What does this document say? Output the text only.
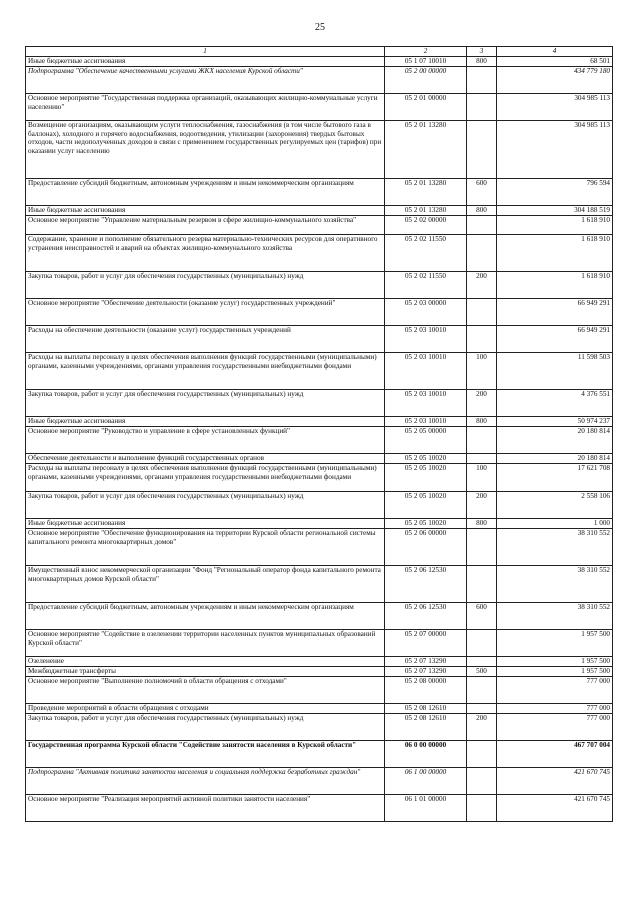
25
1	2	3	4
Иные бюджетные ассигнования	05 1 07 10010	800	68 501
Подпрограмма "Обеспечение качественными услугами ЖКХ населения Курской области"	05 2 00 00000		434 779 180
Основное мероприятие "Государственная поддержка организаций, оказывающих жилищно-коммунальные услуги населению"	05 2 01 00000		304 985 113
Возмещение организациям, оказывающим услуги теплоснабжения, газоснабжения (в том числе бытового газа в баллонах), холодного и горячего водоснабжения, водоотведения, утилизации (захоронения) твердых бытовых отходов, части недополученных доходов в связи с применением государственных регулируемых цен (тарифов) при оказании услуг населению	05 2 01 13280		304 985 113
Предоставление субсидий бюджетным, автономным учреждениям и иным некоммерческим организациям	05 2 01 13280	600	796 594
Иные бюджетные ассигнования	05 2 01 13280	800	304 188 519
Основное мероприятие "Управление материальным резервом в сфере жилищно-коммунального хозяйства"	05 2 02 00000		1 618 910
Содержание, хранение и пополнение обязательного резерва материально-технических ресурсов для оперативного устранения неисправностей и аварий на объектах жилищно-коммунального хозяйства	05 2 02 11550		1 618 910
Закупка товаров, работ и услуг для обеспечения государственных (муниципальных) нужд	05 2 02 11550	200	1 618 910
Основное мероприятие "Обеспечение деятельности (оказание услуг) государственных учреждений"	05 2 03 00000		66 949 291
Расходы на обеспечение деятельности (оказание услуг) государственных учреждений	05 2 03 10010		66 949 291
Расходы на выплаты персоналу в целях обеспечения выполнения функций государственными (муниципальными) органами, казенными учреждениями, органами управления государственными внебюджетными фондами	05 2 03 10010	100	11 598 503
Закупка товаров, работ и услуг для обеспечения государственных (муниципальных) нужд	05 2 03 10010	200	4 376 551
Иные бюджетные ассигнования	05 2 03 10010	800	50 974 237
Основное мероприятие "Руководство и управление в сфере установленных функций"	05 2 05 00000		20 180 814
Обеспечение деятельности и выполнение функций государственных органов	05 2 05 10020		20 180 814
Расходы на выплаты персоналу в целях обеспечения выполнения функций государственными (муниципальными) органами, казенными учреждениями, органами управления государственными внебюджетными фондами	05 2 05 10020	100	17 621 708
Закупка товаров, работ и услуг для обеспечения государственных (муниципальных) нужд	05 2 05 10020	200	2 558 106
Иные бюджетные ассигнования	05 2 05 10020	800	1 000
Основное мероприятие "Обеспечение функционирования на территории Курской области региональной системы капитального ремонта многоквартирных домов"	05 2 06 00000		38 310 552
Имущественный взнос некоммерческой организации "Фонд "Региональный оператор фонда капитального ремонта многоквартирных домов Курской области"	05 2 06 12530		38 310 552
Предоставление субсидий бюджетным, автономным учреждениям и иным некоммерческим организациям	05 2 06 12530	600	38 310 552
Основное мероприятие "Содействие в озеленении территории населенных пунктов муниципальных образований Курской области"	05 2 07 00000		1 957 500
Озеленение	05 2 07 13290		1 957 500
Межбюджетные трансферты	05 2 07 13290	500	1 957 500
Основное мероприятие "Выполнение полномочий в области обращения с отходами"	05 2 08 00000		777 000
Проведение мероприятий в области обращения с отходами	05 2 08 12610		777 000
Закупка товаров, работ и услуг для обеспечения государственных (муниципальных) нужд	05 2 08 12610	200	777 000
Государственная программа Курской области "Содействие занятости населения в Курской области"	06 0 00 00000		467 707 004
Подпрограмма "Активная политика занятости населения и социальная поддержка безработных граждан"	06 1 00 00000		421 670 745
Основное мероприятие "Реализация мероприятий активной политики занятости населения"	06 1 01 00000		421 670 745
